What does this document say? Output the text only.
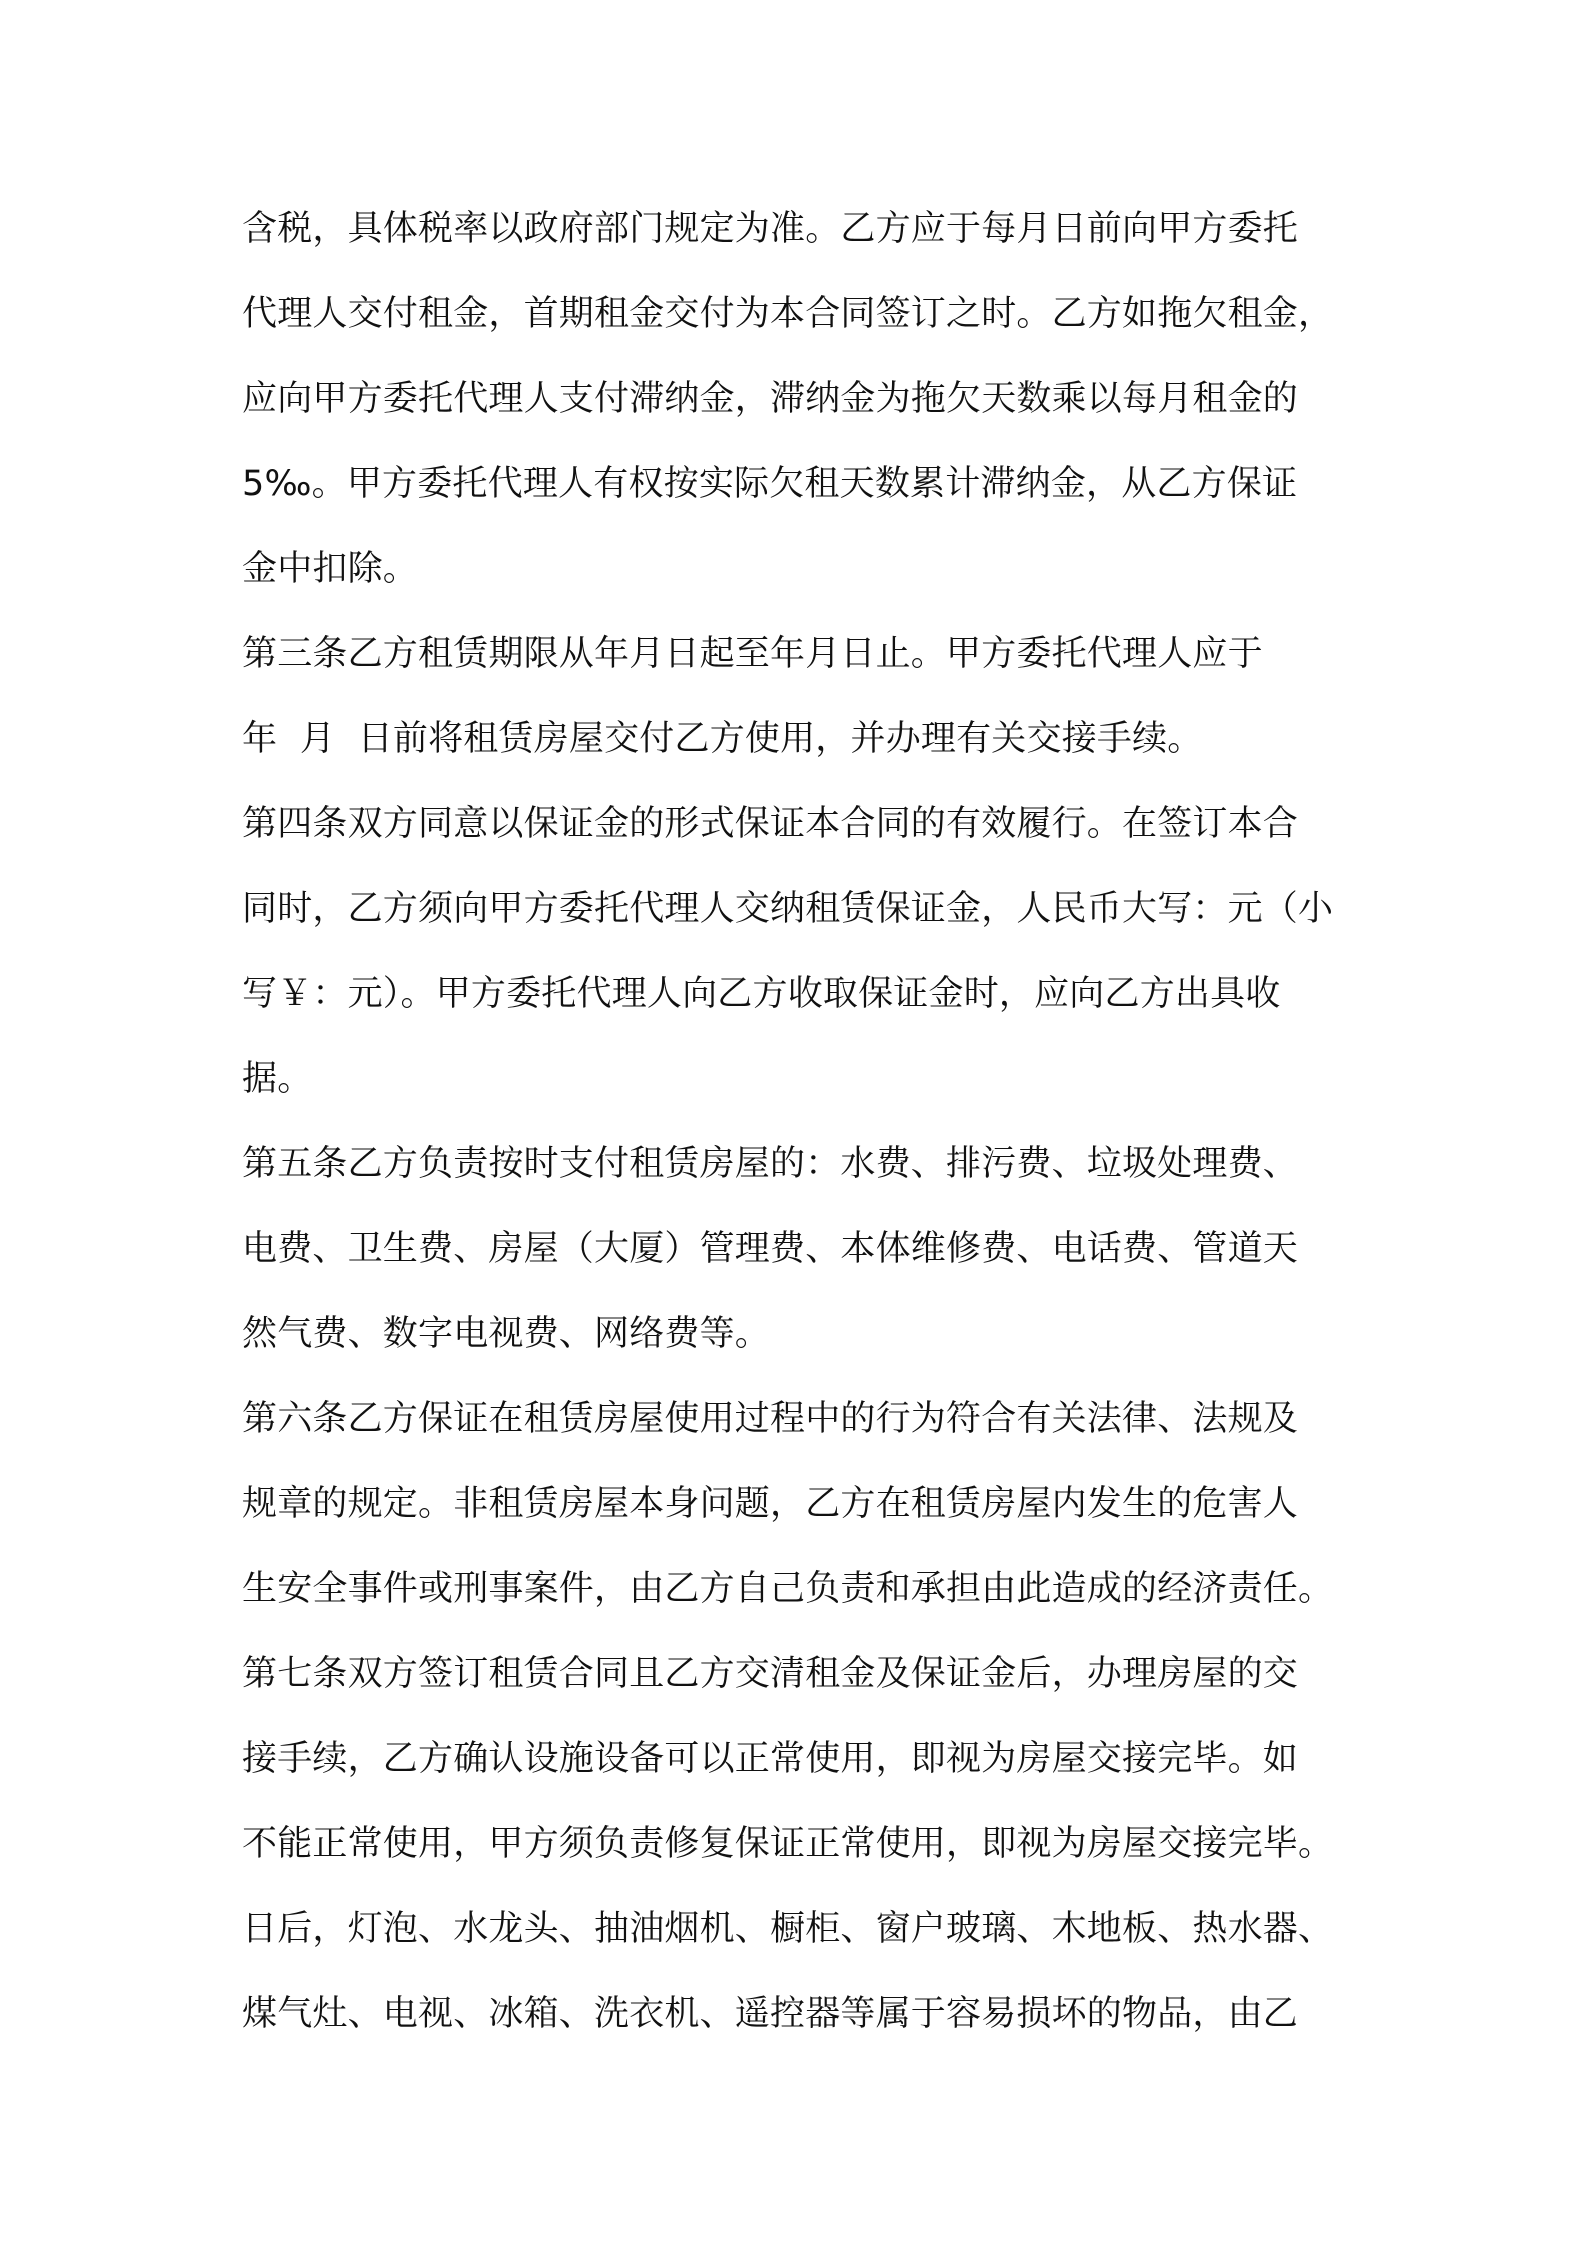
含税，具体税率以政府部门规定为准。乙方应于每月日前向甲方委托
代理人交付租金，首期租金交付为本合同签订之时。乙方如拖欠租金，
应向甲方委托代理人支付滞纳金，滞纳金为拖欠天数乘以每月租金的
5‰。甲方委托代理人有权按实际欠租天数累计滞纳金，从乙方保证
金中扣除。
第三条乙方租赁期限从年月日起至年月日止。甲方委托代理人应于
年  月  日前将租赁房屋交付乙方使用，并办理有关交接手续。
第四条双方同意以保证金的形式保证本合同的有效履行。在签订本合
同时，乙方须向甲方委托代理人交纳租赁保证金，人民币大写：元（小
写￥：元）。甲方委托代理人向乙方收取保证金时，应向乙方出具收
据。
第五条乙方负责按时支付租赁房屋的：水费、排污费、垃圾处理费、
电费、卫生费、房屋（大厦）管理费、本体维修费、电话费、管道天
然气费、数字电视费、网络费等。
第六条乙方保证在租赁房屋使用过程中的行为符合有关法律、法规及
规章的规定。非租赁房屋本身问题，乙方在租赁房屋内发生的危害人
生安全事件或刑事案件，由乙方自己负责和承担由此造成的经济责任。
第七条双方签订租赁合同且乙方交清租金及保证金后，办理房屋的交
接手续，乙方确认设施设备可以正常使用，即视为房屋交接完毕。如
不能正常使用，甲方须负责修复保证正常使用，即视为房屋交接完毕。
日后，灯泡、水龙头、抽油烟机、橱柜、窗户玻璃、木地板、热水器、
煤气灶、电视、冰箱、洗衣机、遥控器等属于容易损坏的物品，由乙
